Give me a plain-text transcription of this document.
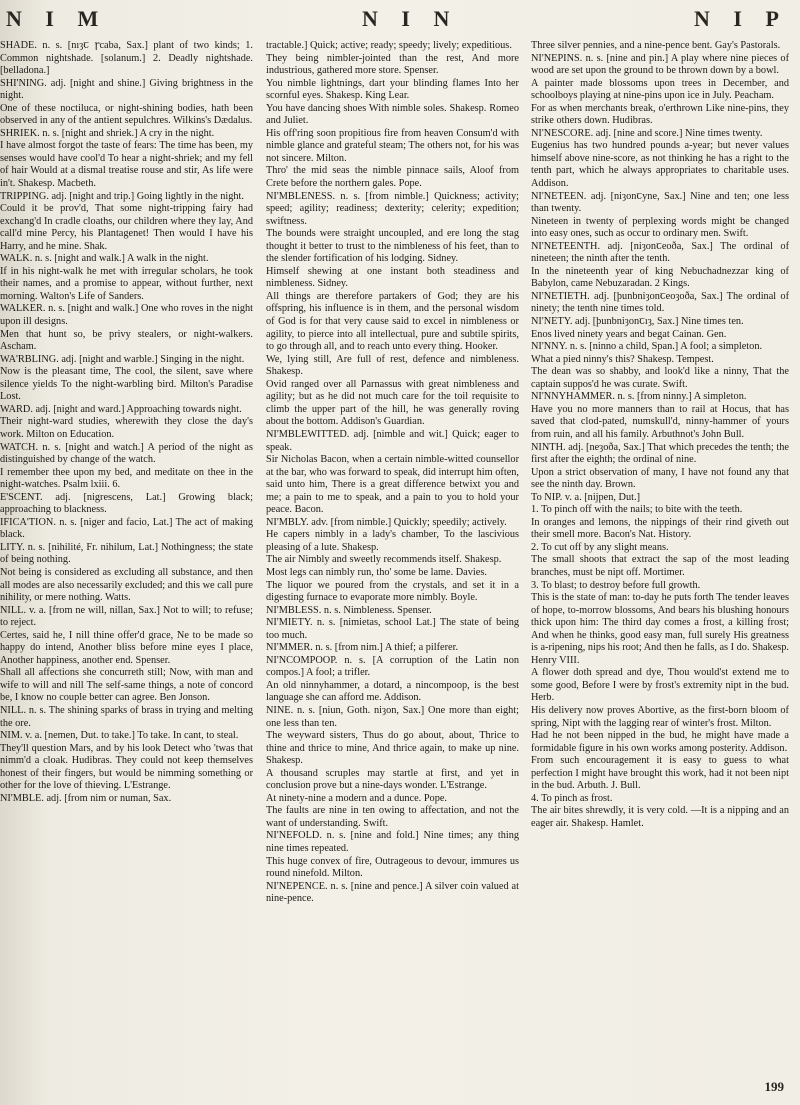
N I M	N I N	N I P

SHADE. n. s. [nıȝꞇ ꞅcaba, Sax.] plant of two kinds; 1. Common nightshade. [solanum.] 2. Deadly nightshade. [belladona.]

SHI'NING. adj. [night and shine.] Giving brightness in the night.

One of these noctiluca, or night-shining bodies, hath been observed in any of the antient sepulchres. Wilkins's Dædalus.

SHRIEK. n. s. [night and shriek.] A cry in the night.

I have almost forgot the taste of fears: The time has been, my senses would have cool'd To hear a night-shriek; and my fell of hair Would at a dismal treatise rouse and stir, As life were in't. Shakesp. Macbeth.

TRIPPING. adj. [night and trip.] Going lightly in the night.

Could it be prov'd, That some night-tripping fairy had exchang'd In cradle cloaths, our children where they lay, And call'd mine Percy, his Plantagenet! Then would I have his Harry, and he mine. Shak.

WALK. n. s. [night and walk.] A walk in the night.

If in his night-walk he met with irregular scholars, he took their names, and a promise to appear, without further, next morning. Walton's Life of Sanders.

WALKER. n. s. [night and walk.] One who roves in the night upon ill designs.

Men that hunt so, be privy stealers, or night-walkers. Ascham.

WA'RBLING. adj. [night and warble.] Singing in the night.

Now is the pleasant time, The cool, the silent, save where silence yields To the night-warbling bird. Milton's Paradise Lost.

WARD. adj. [night and ward.] Approaching towards night.

Their night-ward studies, wherewith they close the day's work. Milton on Education.

WATCH. n. s. [night and watch.] A period of the night as distinguished by change of the watch.

I remember thee upon my bed, and meditate on thee in the night-watches. Psalm lxiii. 6.

E'SCENT. adj. [nigrescens, Lat.] Growing black; approaching to blackness.

IFICA'TION. n. s. [niger and facio, Lat.] The act of making black.

LITY. n. s. [nihilité, Fr. nihilum, Lat.] Nothingness; the state of being nothing.

Not being is considered as excluding all substance, and then all modes are also necessarily excluded; and this we call pure nihility, or mere nothing. Watts.

NILL. v. a. [from ne will, nillan, Sax.] Not to will; to refuse; to reject.

Certes, said he, I nill thine offer'd grace, Ne to be made so happy do intend, Another bliss before mine eyes I place, Another happiness, another end. Spenser.

Shall all affections she concurreth still; Now, with man and wife to will and nill The self-same things, a note of concord be, I know no couple better can agree. Ben Jonson.

NILL. n. s. The shining sparks of brass in trying and melting the ore.

NIM. v. a. [nemen, Dut. to take.] To take. In cant, to steal.

They'll question Mars, and by his look Detect who 'twas that nimm'd a cloak. Hudibras. They could not keep themselves honest of their fingers, but would be nimming something or other for the love of thieving. L'Estrange.

NI'MBLE. adj. [from nim or numan, Sax.

tractable.] Quick; active; ready; speedy; lively; expeditious.

They being nimbler-jointed than the rest, And more industrious, gathered more store. Spenser.

You nimble lightnings, dart your blinding flames Into her scornful eyes. Shakesp. King Lear.

You have dancing shoes With nimble soles. Shakesp. Romeo and Juliet.

His off'ring soon propitious fire from heaven Consum'd with nimble glance and grateful steam; The others not, for his was not sincere. Milton.

Thro' the mid seas the nimble pinnace sails, Aloof from Crete before the northern gales. Pope.

NI'MBLENESS. n. s. [from nimble.] Quickness; activity; speed; agility; readiness; dexterity; celerity; expedition; swiftness.

The bounds were straight uncoupled, and ere long the stag thought it better to trust to the nimbleness of his feet, than to the slender fortification of his lodging. Sidney.

Himself shewing at one instant both steadiness and nimbleness. Sidney.

All things are therefore partakers of God; they are his offspring, his influence is in them, and the personal wisdom of God is for that very cause said to excel in nimbleness or agility, to pierce into all intellectual, pure and subtile spirits, to go through all, and to reach unto every thing. Hooker.

We, lying still, Are full of rest, defence and nimbleness. Shakesp.

Ovid ranged over all Parnassus with great nimbleness and agility; but as he did not much care for the toil requisite to climb the upper part of the hill, he was generally roving about the bottom. Addison's Guardian.

NI'MBLEWITTED. adj. [nimble and wit.] Quick; eager to speak.

Sir Nicholas Bacon, when a certain nimble-witted counsellor at the bar, who was forward to speak, did interrupt him often, said unto him, There is a great difference betwixt you and me; a pain to me to speak, and a pain to you to hold your peace. Bacon.

NI'MBLY. adv. [from nimble.] Quickly; speedily; actively.

He capers nimbly in a lady's chamber, To the lascivious pleasing of a lute. Shakesp.

The air Nimbly and sweetly recommends itself. Shakesp.

Most legs can nimbly run, tho' some be lame. Davies.

The liquor we poured from the crystals, and set it in a digesting furnace to evaporate more nimbly. Boyle.

NI'MBLESS. n. s. Nimbleness. Spenser.

NI'MIETY. n. s. [nimietas, school Lat.] The state of being too much.

NI'MMER. n. s. [from nim.] A thief; a pilferer.

NI'NCOMPOOP. n. s. [A corruption of the Latin non compos.] A fool; a trifler.

An old ninnyhammer, a dotard, a nincompoop, is the best language she can afford me. Addison.

NINE. n. s. [niun, Goth. niȝon, Sax.] One more than eight; one less than ten.

The weyward sisters, Thus do go about, about, Thrice to thine and thrice to mine, And thrice again, to make up nine. Shakesp.

A thousand scruples may startle at first, and yet in conclusion prove but a nine-days wonder. L'Estrange.

At ninety-nine a modern and a dunce. Pope.

The faults are nine in ten owing to affectation, and not the want of understanding. Swift.

NI'NEFOLD. n. s. [nine and fold.] Nine times; any thing nine times repeated.

This huge convex of fire, Outrageous to devour, immures us round ninefold. Milton.

NI'NEPENCE. n. s. [nine and pence.] A silver coin valued at nine-pence.

Three silver pennies, and a nine-pence bent. Gay's Pastorals.

NI'NEPINS. n. s. [nine and pin.] A play where nine pieces of wood are set upon the ground to be thrown down by a bowl.

A painter made blossoms upon trees in December, and schoolboys playing at nine-pins upon ice in July. Peacham.

For as when merchants break, o'erthrown Like nine-pins, they strike others down. Hudibras.

NI'NESCORE. adj. [nine and score.] Nine times twenty.

Eugenius has two hundred pounds a-year; but never values himself above nine-score, as not thinking he has a right to the tenth part, which he always appropriates to charitable uses. Addison.

NI'NETEEN. adj. [niȝonꞇyne, Sax.] Nine and ten; one less than twenty.

Nineteen in twenty of perplexing words might be changed into easy ones, such as occur to ordinary men. Swift.

NI'NETEENTH. adj. [niȝonꞇeoðа, Sax.] The ordinal of nineteen; the ninth after the tenth.

In the nineteenth year of king Nebuchadnezzar king of Babylon, came Nebuzaradan. 2 Kings.

NI'NETIETH. adj. [þunbniȝonꞇeoȝoða, Sax.] The ordinal of ninety; the tenth nine times told.

NI'NETY. adj. [þunbniȝonꞇıȝ, Sax.] Nine times ten.

Enos lived ninety years and begat Cainan. Gen.

NI'NNY. n. s. [ninno a child, Span.] A fool; a simpleton.

What a pied ninny's this? Shakesp. Tempest.

The dean was so shabby, and look'd like a ninny, That the captain suppos'd he was curate. Swift.

NI'NNYHAMMER. n. s. [from ninny.] A simpleton.

Have you no more manners than to rail at Hocus, that has saved that clod-pated, numskull'd, ninny-hammer of yours from ruin, and all his family. Arbuthnot's John Bull.

NINTH. adj. [neȝoða, Sax.] That which precedes the tenth; the first after the eighth; the ordinal of nine.

Upon a strict observation of many, I have not found any that see the ninth day. Brown.

To NIP. v. a. [nijpen, Dut.]

1. To pinch off with the nails; to bite with the teeth.

In oranges and lemons, the nippings of their rind giveth out their smell more. Bacon's Nat. History.

2. To cut off by any slight means.

The small shoots that extract the sap of the most leading branches, must be nipt off. Mortimer.

3. To blast; to destroy before full growth.

This is the state of man: to-day he puts forth The tender leaves of hope, to-morrow blossoms, And bears his blushing honours thick upon him: The third day comes a frost, a killing frost; And when he thinks, good easy man, full surely His greatness is a-ripening, nips his root; And then he falls, as I do. Shakesp. Henry VIII.

A flower doth spread and dye, Thou would'st extend me to some good, Before I were by frost's extremity nipt in the bud. Herb.

His delivery now proves Abortive, as the first-born bloom of spring, Nipt with the lagging rear of winter's frost. Milton.

Had he not been nipped in the bud, he might have made a formidable figure in his own works among posterity. Addison.

From such encouragement it is easy to guess to what perfection I might have brought this work, had it not been nipt in the bud. Arbuth. J. Bull.

4. To pinch as frost.

The air bites shrewdly, it is very cold. —It is a nipping and an eager air. Shakesp. Hamlet.

199
